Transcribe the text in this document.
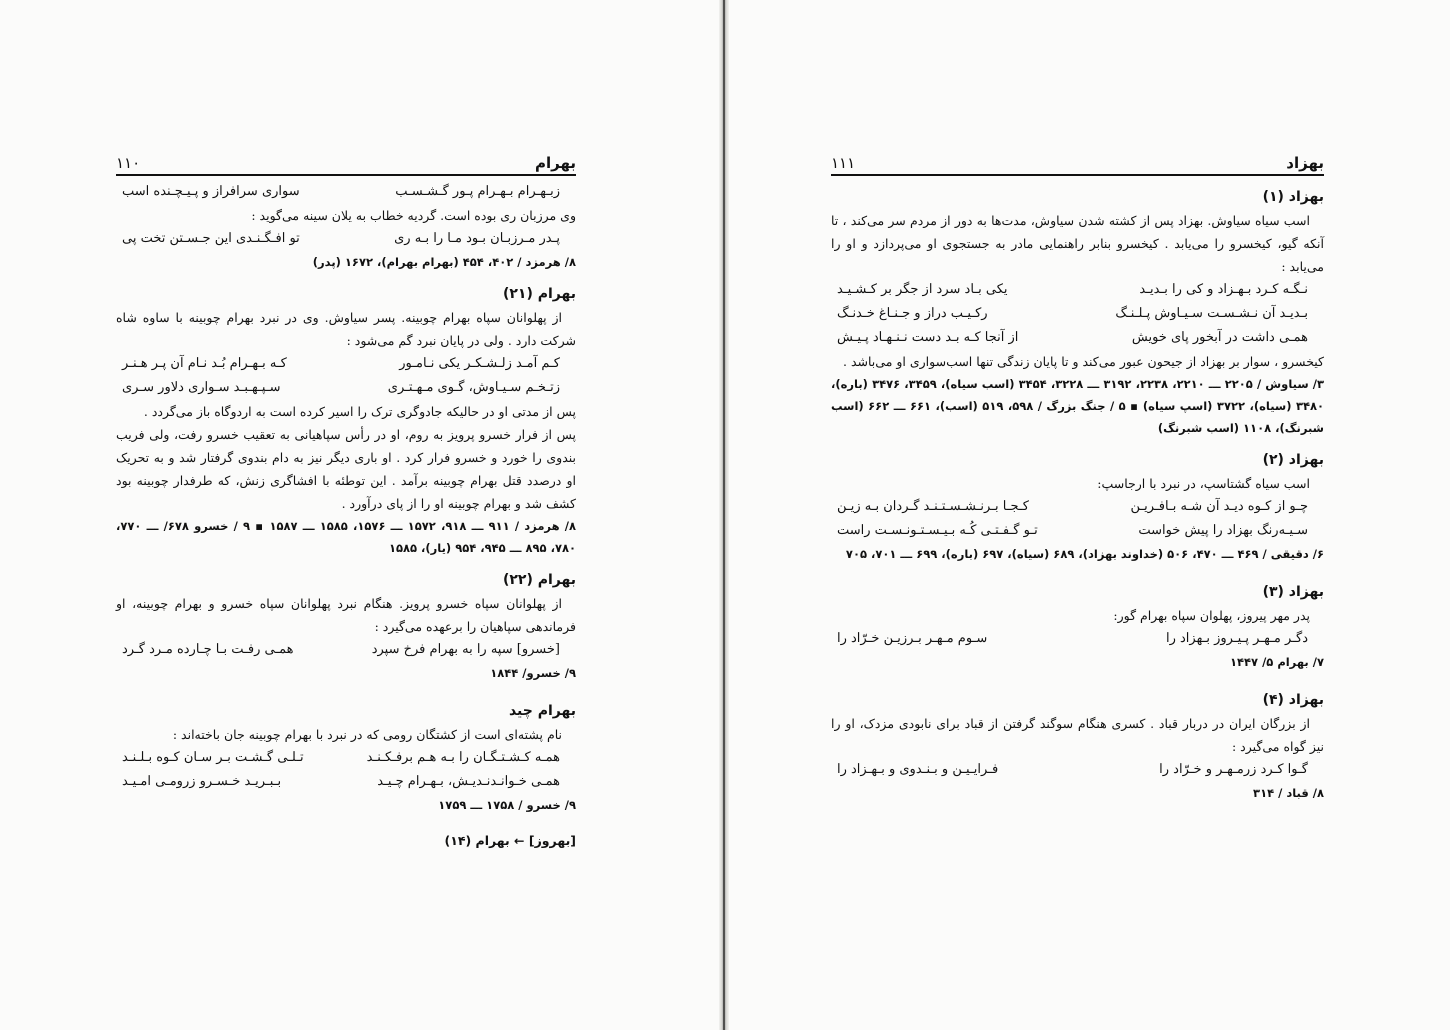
بهرام
۱۱۰
زبـهـرام بـهـرام پـور گـشـسـب
سواری سرافراز و پـیـچـنده اسب
وی مرزبان ری بوده است. گردیه خطاب به یلان سینه می‌گوید :
پـدر مـرزبـان بـود مـا را بـه ری
تو افـگـنـدی این جـسـتن تخت پی
۸/ هرمزد / ۴۰۲، ۴۵۴ (بهرام بهرام)، ۱۶۷۲ (پدر)
بهرام (۲۱)
از پهلوانان سپاه بهرام چوبینه. پسر سیاوش. وی در نبرد بهرام چوبینه با ساوه شاه شرکت دارد . ولی در پایان نبرد گم می‌شود :
کـم آمـد زلـشـکـر یکی نـامـور
کـه بـهـرام بُـد نـام آن پـر هـنـر
زتـخـم سـیـاوش، گـوی مـهـتـری
سـپـهـبـد سـواری دلاور سـری
پس از مدتی او در حالیکه جادوگری ترک را اسیر کرده است به اردوگاه باز می‌گردد .
پس از فرار خسرو پرویز به روم، او در رأس سپاهیانی به تعقیب خسرو رفت، ولی فریب بندوی را خورد و خسرو فرار کرد . او باری دیگر نیز به دام بندوی گرفتار شد و به تحریک او درصدد قتل بهرام چوبینه برآمد . این توطئه با افشاگری زنش، که طرفدار چوبینه بود کشف شد و بهرام چوبینه او را از پای درآورد .
۸/ هرمزد / ۹۱۱ ـــ ۹۱۸، ۱۵۷۲ ـــ ۱۵۷۶، ۱۵۸۵ ـــ ۱۵۸۷ ▪ ۹ / خسرو ۶۷۸/ ـــ ۷۷۰، ۷۸۰، ۸۹۵ ـــ ۹۴۵، ۹۵۴ (یار)، ۱۵۸۵
بهرام (۲۲)
از پهلوانان سپاه خسرو پرویز. هنگام نبرد پهلوانان سپاه خسرو و بهرام چوبینه، او فرماندهی سپاهیان را برعهده می‌گیرد :
[خسرو] سپه را به بهرام فرخ سپرد
همـی رفـت بـا چـارده مـرد گـرد
۹/ خسرو/ ۱۸۴۴
بهرام چید
نام پشته‌ای است از کشتگان رومی که در نبرد با بهرام چوبینه جان باخته‌اند :
همـه کـشـتـگـان را بـه هـم برفـکـنـد
تـلـی گـشـت بـر سـان کـوه بـلـنـد
همـی خـوانـدنـدیـش، بـهـرام چـیـد
بـبـریـد خـسـرو زرومـی امـیـد
۹/ خسرو / ۱۷۵۸ ـــ ۱۷۵۹
[بهروز] ← بهرام (۱۴)
بهزاد
۱۱۱
بهزاد (۱)
اسب سیاه سیاوش. بهزاد پس از کشته شدن سیاوش، مدت‌ها به دور از مردم سر می‌کند ، تا آنکه گیو، کیخسرو را می‌یابد . کیخسرو بنابر راهنمایی مادر به جستجوی او می‌پردازد و او را می‌یابد :
نـگـه کـرد بـهـزاد و کی را بـدیـد
یکی بـاد سرد از جگر بر کـشـیـد
بـدیـد آن نـشـسـت سـیـاوش پـلـنـگ
رکـیـب دراز و جـنـاغ خـدنـگ
همـی داشت در آبخور پای خویش
از آنجا کـه بـد دست نـنـهـاد پـیـش
کیخسرو ، سوار بر بهزاد از جیحون عبور می‌کند و تا پایان زندگی تنها اسب‌سواری او می‌باشد .
۳/ سیاوش / ۲۲۰۵ ـــ ۲۲۱۰، ۲۲۳۸، ۳۱۹۲ ـــ ۳۲۲۸، ۳۴۵۴ (اسب سیاه)، ۳۴۵۹، ۳۴۷۶ (باره)، ۳۴۸۰ (سیاه)، ۳۷۲۲ (اسپ سیاه) ▪ ۵ / جنگ بزرگ / ۵۹۸، ۵۱۹ (اسب)، ۶۶۱ ـــ ۶۶۲ (اسب شبرنگ)، ۱۱۰۸ (اسب شبرنگ)
بهزاد (۲)
اسب سیاه گشتاسپ، در نبرد با ارجاسپ:
چـو از کـوه دیـد آن شـه بـافـریـن
کـجـا بـرنـشـسـتـنـد گـردان بـه زیـن
سـیـه‌رنگ بهزاد را پیش خواست
تـو گـفـتـی کُـه بـیـسـتـونـسـت راست
۶/ دقیقی / ۴۶۹ ـــ ۴۷۰، ۵۰۶ (خداوند بهزاد)، ۶۸۹ (سیاه)، ۶۹۷ (باره)، ۶۹۹ ـــ ۷۰۱، ۷۰۵
بهزاد (۳)
پدر مهر پیروز، پهلوان سپاه بهرام گور:
دگـر مـهـر پـیـروز بـهزاد را
سـوم مـهـر بـرزیـن خـرّاد را
۷/ بهرام ۵/ ۱۴۴۷
بهزاد (۴)
از بزرگان ایران در دربار قباد . کسری هنگام سوگند گرفتن از قباد برای نابودی مزدک، او را نیز گواه می‌گیرد :
گـوا کـرد زرمـهـر و خـرّاد را
فـرایـیـن و بـنـدوی و بـهـزاد را
۸/ قباد / ۳۱۴
